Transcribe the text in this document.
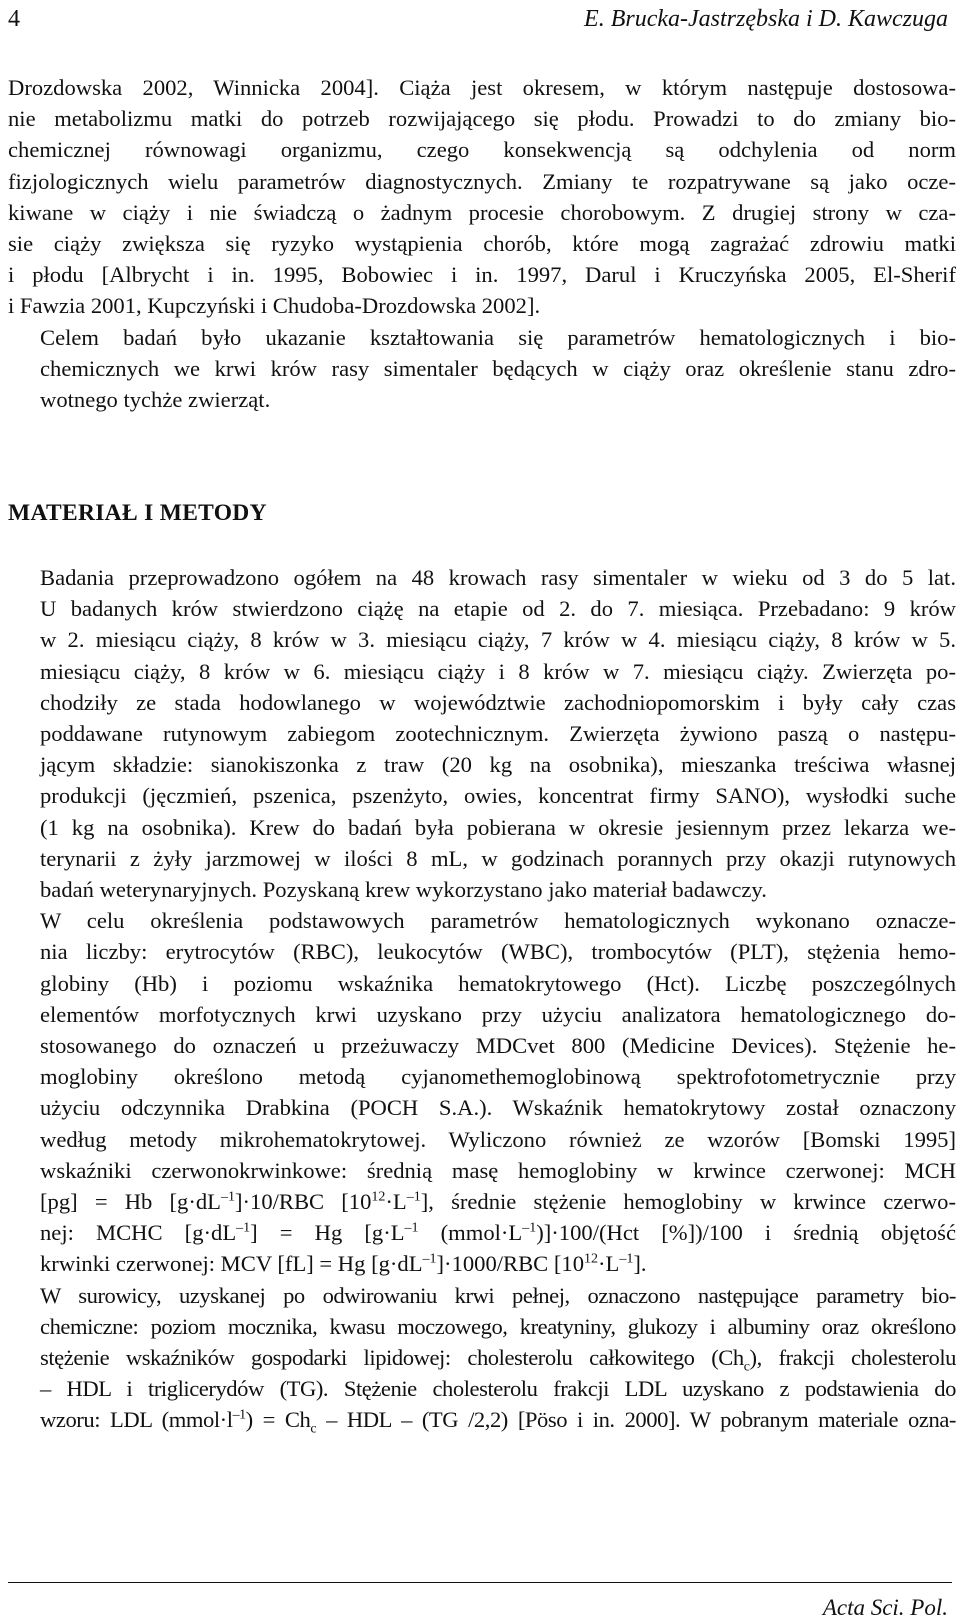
4	E. Brucka-Jastrzębska i D. Kawczuga

Drozdowska 2002, Winnicka 2004]. Ciąża jest okresem, w którym następuje dostosowa-
nie metabolizmu matki do potrzeb rozwijającego się płodu. Prowadzi to do zmiany bio-
chemicznej równowagi organizmu, czego konsekwencją są odchylenia od norm
fizjologicznych wielu parametrów diagnostycznych. Zmiany te rozpatrywane są jako ocze-
kiwane w ciąży i nie świadczą o żadnym procesie chorobowym. Z drugiej strony w cza-
sie ciąży zwiększa się ryzyko wystąpienia chorób, które mogą zagrażać zdrowiu matki
i płodu [Albrycht i in. 1995, Bobowiec i in. 1997, Darul i Kruczyńska 2005, El-Sherif
i Fawzia 2001, Kupczyński i Chudoba-Drozdowska 2002].

Celem badań było ukazanie kształtowania się parametrów hematologicznych i bio-
chemicznych we krwi krów rasy simentaler będących w ciąży oraz określenie stanu zdro-
wotnego tychże zwierząt.

MATERIAŁ I METODY

Badania przeprowadzono ogółem na 48 krowach rasy simentaler w wieku od 3 do 5 lat.
U badanych krów stwierdzono ciążę na etapie od 2. do 7. miesiąca. Przebadano: 9 krów
w 2. miesiącu ciąży, 8 krów w 3. miesiącu ciąży, 7 krów w 4. miesiącu ciąży, 8 krów w 5.
miesiącu ciąży, 8 krów w 6. miesiącu ciąży i 8 krów w 7. miesiącu ciąży. Zwierzęta po-
chodziły ze stada hodowlanego w województwie zachodniopomorskim i były cały czas
poddawane rutynowym zabiegom zootechnicznym. Zwierzęta żywiono paszą o następu-
jącym składzie: sianokiszonka z traw (20 kg na osobnika), mieszanka treściwa własnej
produkcji (jęczmień, pszenica, pszenżyto, owies, koncentrat firmy SANO), wysłodki suche
(1 kg na osobnika). Krew do badań była pobierana w okresie jesiennym przez lekarza we-
terynarii z żyły jarzmowej w ilości 8 mL, w godzinach porannych przy okazji rutynowych
badań weterynaryjnych. Pozyskaną krew wykorzystano jako materiał badawczy.

W celu określenia podstawowych parametrów hematologicznych wykonano oznacze-
nia liczby: erytrocytów (RBC), leukocytów (WBC), trombocytów (PLT), stężenia hemo-
globiny (Hb) i poziomu wskaźnika hematokrytowego (Hct). Liczbę poszczególnych
elementów morfotycznych krwi uzyskano przy użyciu analizatora hematologicznego do-
stosowanego do oznaczeń u przeżuwaczy MDCvet 800 (Medicine Devices). Stężenie he-
moglobiny określono metodą cyjanomethemoglobinową spektrofotometrycznie przy
użyciu odczynnika Drabkina (POCH S.A.). Wskaźnik hematokrytowy został oznaczony
według metody mikrohematokrytowej. Wyliczono również ze wzorów [Bomski 1995]
wskaźniki czerwonokrwinkowe: średnią masę hemoglobiny w krwince czerwonej: MCH
[pg] = Hb $[g\cdot dL^{-1}]\cdot 10$/RBC $[10^{12}\cdot L^{-1}]$, średnie stężenie hemoglobiny w krwince czerwo-
nej: MCHC $[g\cdot dL^{-1}] = Hg$ [$g\cdot L^{-1}$ $(mmol\cdot L^{-1})]\cdot 100/(Hct$ [%])/100 i średnią objętość
krwinki czerwonej: MCV [fL] = Hg $[g\cdot dL^{-1}]\cdot 1000$/RBC $[10^{12}\cdot L^{-1}]$.

W surowicy, uzyskanej po odwirowaniu krwi pełnej, oznaczono następujące parametry bio-
chemiczne: poziom mocznika, kwasu moczowego, kreatyniny, glukozy i albuminy oraz określono
stężenie wskaźników gospodarki lipidowej: cholesterolu całkowitego $(Ch_c)$, frakcji cholesterolu
– HDL i triglicerydów (TG). Stężenie cholesterolu frakcji LDL uzyskano z podstawienia do
wzoru: LDL $(mmol\cdot l^{-1}) = Ch_c$ – HDL – (TG /2,2) [Pöso i in. 2000]. W pobranym materiale ozna-

Acta Sci. Pol.
